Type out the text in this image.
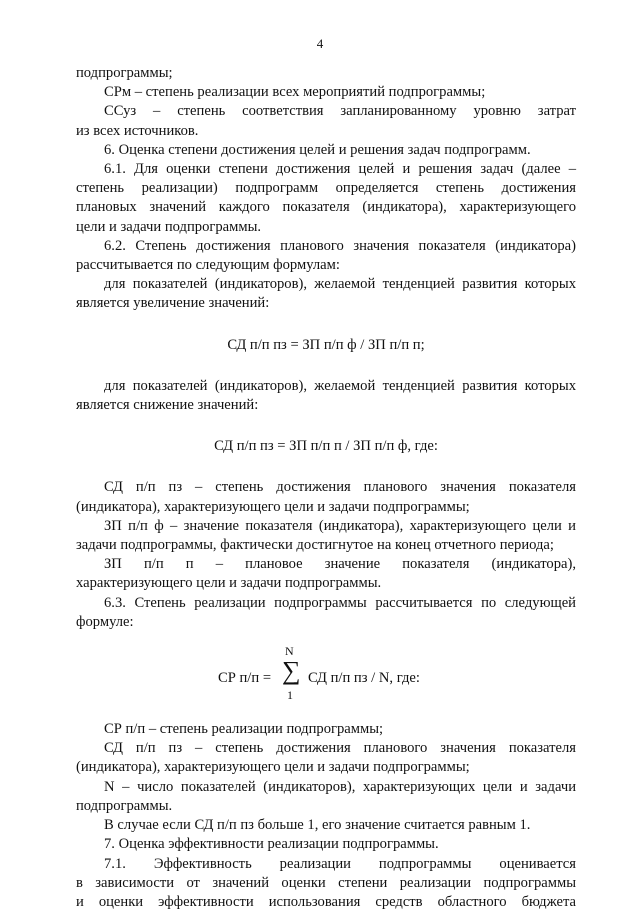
4
подпрограммы;
СРм – степень реализации всех мероприятий подпрограммы;
ССуз – степень соответствия запланированному уровню затрат
из всех источников.
6. Оценка степени достижения целей и решения задач подпрограмм.
6.1. Для оценки степени достижения целей и решения задач (далее –
степень реализации) подпрограмм определяется степень достижения
плановых значений каждого показателя (индикатора), характеризующего
цели и задачи подпрограммы.
6.2. Степень достижения планового значения показателя (индикатора)
рассчитывается по следующим формулам:
для показателей (индикаторов), желаемой тенденцией развития которых
является увеличение значений:
СД п/п пз = ЗП п/п ф / ЗП п/п п;
для показателей (индикаторов), желаемой тенденцией развития которых
является снижение значений:
СД п/п пз = ЗП п/п п / ЗП п/п ф, где:
СД п/п пз – степень достижения планового значения показателя
(индикатора), характеризующего цели и задачи подпрограммы;
ЗП п/п ф – значение показателя (индикатора), характеризующего цели и
задачи подпрограммы, фактически достигнутое на конец отчетного периода;
ЗП п/п п – плановое значение показателя (индикатора),
характеризующего цели и задачи подпрограммы.
6.3. Степень реализации подпрограммы рассчитывается по следующей
формуле:
СР п/п =
N
∑
1
СД п/п пз / N, где:
СР п/п – степень реализации подпрограммы;
СД п/п пз – степень достижения планового значения показателя
(индикатора), характеризующего цели и задачи подпрограммы;
N – число показателей (индикаторов), характеризующих цели и задачи
подпрограммы.
В случае если СД п/п пз больше 1, его значение считается равным 1.
7. Оценка эффективности реализации подпрограммы.
7.1. Эффективность реализации подпрограммы оценивается
в зависимости от значений оценки степени реализации подпрограммы
и оценки эффективности использования средств областного бюджета
